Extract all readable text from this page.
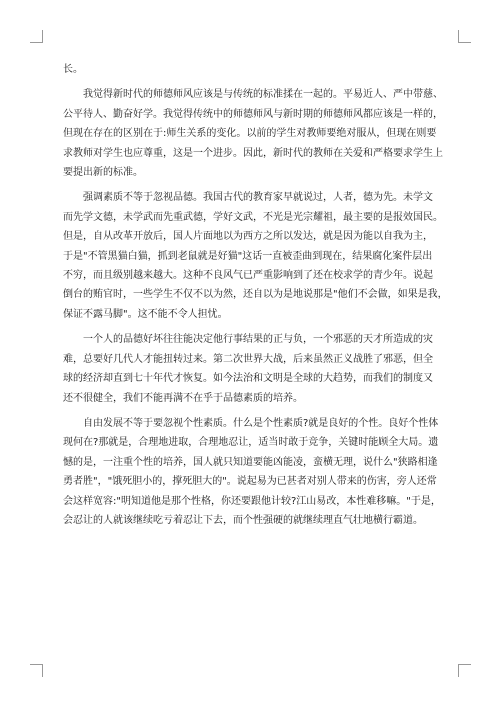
长。
我觉得新时代的师德师风应该是与传统的标准揉在一起的。平易近人、严中带慈、
公平待人、勤奋好学。我觉得传统中的师德师风与新时期的师德师风都应该是一样的，
但现在存在的区别在于:师生关系的变化。以前的学生对教师要绝对服从，但现在则要
求教师对学生也应尊重，这是一个进步。因此，新时代的教师在关爱和严格要求学生上
要提出新的标准。
强调素质不等于忽视品德。我国古代的教育家早就说过，人者，德为先。未学文
而先学文德，未学武而先重武德，学好文武，不光是光宗耀祖，最主要的是报效国民。
但是，自从改革开放后，国人片面地以为西方之所以发达，就是因为能以自我为主，
于是"不管黑猫白猫，抓到老鼠就是好猫"这话一直被歪曲到现在，结果腐化案件层出
不穷，而且级别越来越大。这种不良风气已严重影响到了还在校求学的青少年。说起
倒台的贿官时，一些学生不仅不以为然，还自以为是地说那是"他们不会做，如果是我，
保证不露马脚"。这不能不令人担忧。
一个人的品德好坏往往能决定他行事结果的正与负，一个邪恶的天才所造成的灾
难，总要好几代人才能扭转过来。第二次世界大战，后来虽然正义战胜了邪恶，但全
球的经济却直到七十年代才恢复。如今法治和文明是全球的大趋势，而我们的制度又
还不很健全，我们不能再满不在乎于品德素质的培养。
自由发展不等于要忽视个性素质。什么是个性素质?就是良好的个性。良好个性体
现何在?那就是，合理地进取，合理地忍让，适当时敢于竞争，关键时能顾全大局。遗
憾的是，一注重个性的培养，国人就只知道要能凶能凌，蛮横无理，说什么"狭路相逢
勇者胜"，"饿死胆小的，撑死胆大的"。说起易为已甚者对别人带来的伤害，旁人还常
会这样宽容:"明知道他是那个性格，你还要跟他计较?江山易改，本性难移嘛。"于是，
会忍让的人就该继续吃亏着忍让下去，而个性强硬的就继续理直气壮地横行霸道。
